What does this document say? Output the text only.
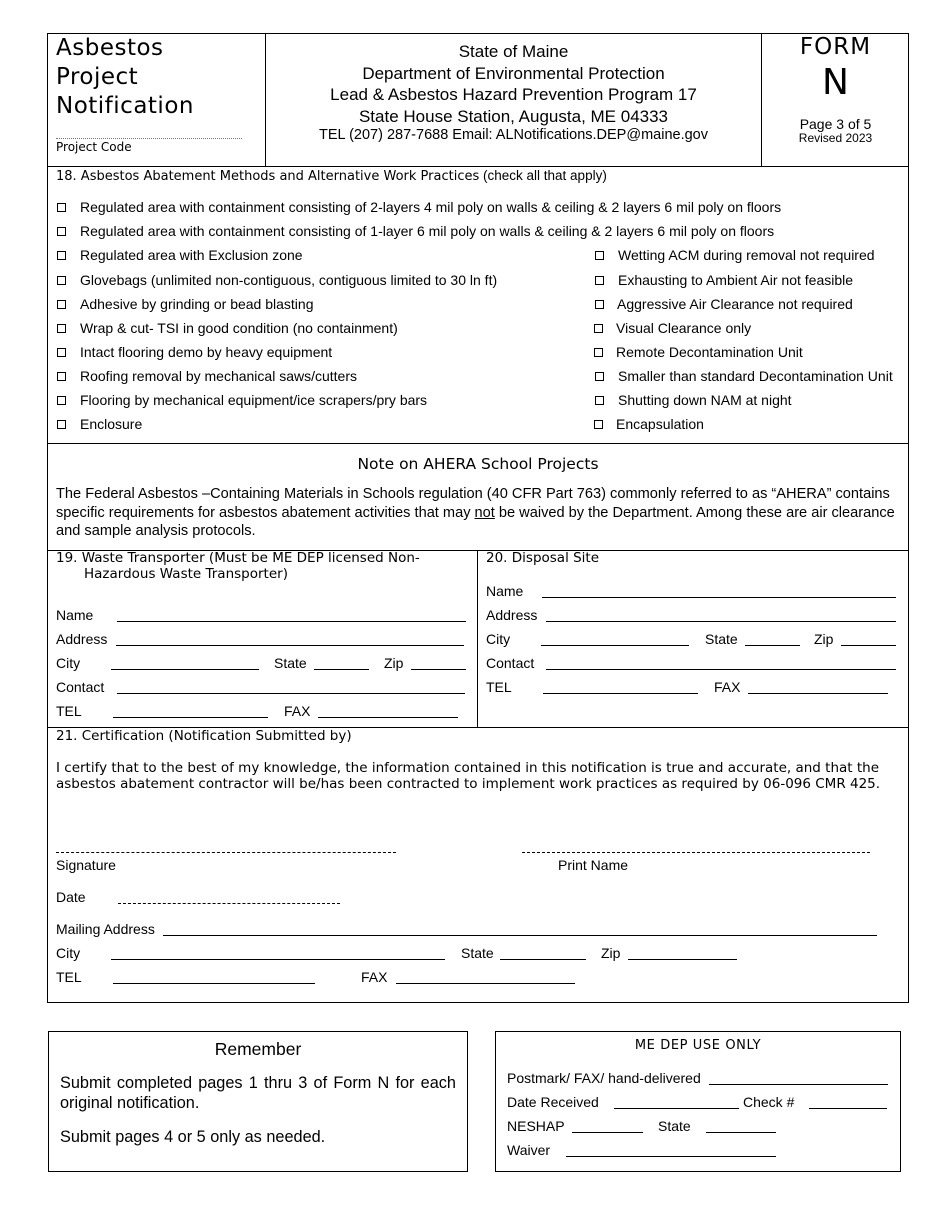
Asbestos
Project
Notification
Project Code
State of Maine
Department of Environmental Protection
Lead & Asbestos Hazard Prevention Program 17
State House Station, Augusta, ME 04333
TEL (207) 287-7688 Email: ALNotifications.DEP@maine.gov
FORM
N
Page 3 of 5
Revised 2023
18. Asbestos Abatement Methods and Alternative Work Practices (check all that apply)
Regulated area with containment consisting of 2-layers 4 mil poly on walls & ceiling & 2 layers 6 mil poly on floors
Regulated area with containment consisting of 1-layer 6 mil poly on walls & ceiling & 2 layers 6 mil poly on floors
Regulated area with Exclusion zone
Glovebags (unlimited non-contiguous, contiguous limited to 30 ln ft)
Adhesive by grinding or bead blasting
Wrap & cut- TSI in good condition (no containment)
Intact flooring demo by heavy equipment
Roofing removal by mechanical saws/cutters
Flooring by mechanical equipment/ice scrapers/pry bars
Enclosure
Wetting ACM during removal not required
Exhausting to Ambient Air not feasible
Aggressive Air Clearance not required
Visual Clearance only
Remote Decontamination Unit
Smaller than standard Decontamination Unit
Shutting down NAM at night
Encapsulation
Note on AHERA School Projects
The Federal Asbestos –Containing Materials in Schools regulation (40 CFR Part 763) commonly referred to as “AHERA” contains specific requirements for asbestos abatement activities that may not be waived by the Department. Among these are air clearance and sample analysis protocols.
19. Waste Transporter (Must be ME DEP licensed Non-
Hazardous Waste Transporter)
Name
Address
City	State	Zip
Contact
TEL	FAX
20. Disposal Site
Name
Address
City	State	Zip
Contact
TEL	FAX
21. Certification (Notification Submitted by)
I certify that to the best of my knowledge, the information contained in this notification is true and accurate, and that the asbestos abatement contractor will be/has been contracted to implement work practices as required by 06-096 CMR 425.
Signature	Print Name
Date
Mailing Address
City	State	Zip
TEL	FAX
Remember
Submit completed pages 1 thru 3 of Form N for each original notification.
Submit pages 4 or 5 only as needed.
ME DEP USE ONLY
Postmark/ FAX/ hand-delivered
Date Received	Check #
NESHAP	State
Waiver
